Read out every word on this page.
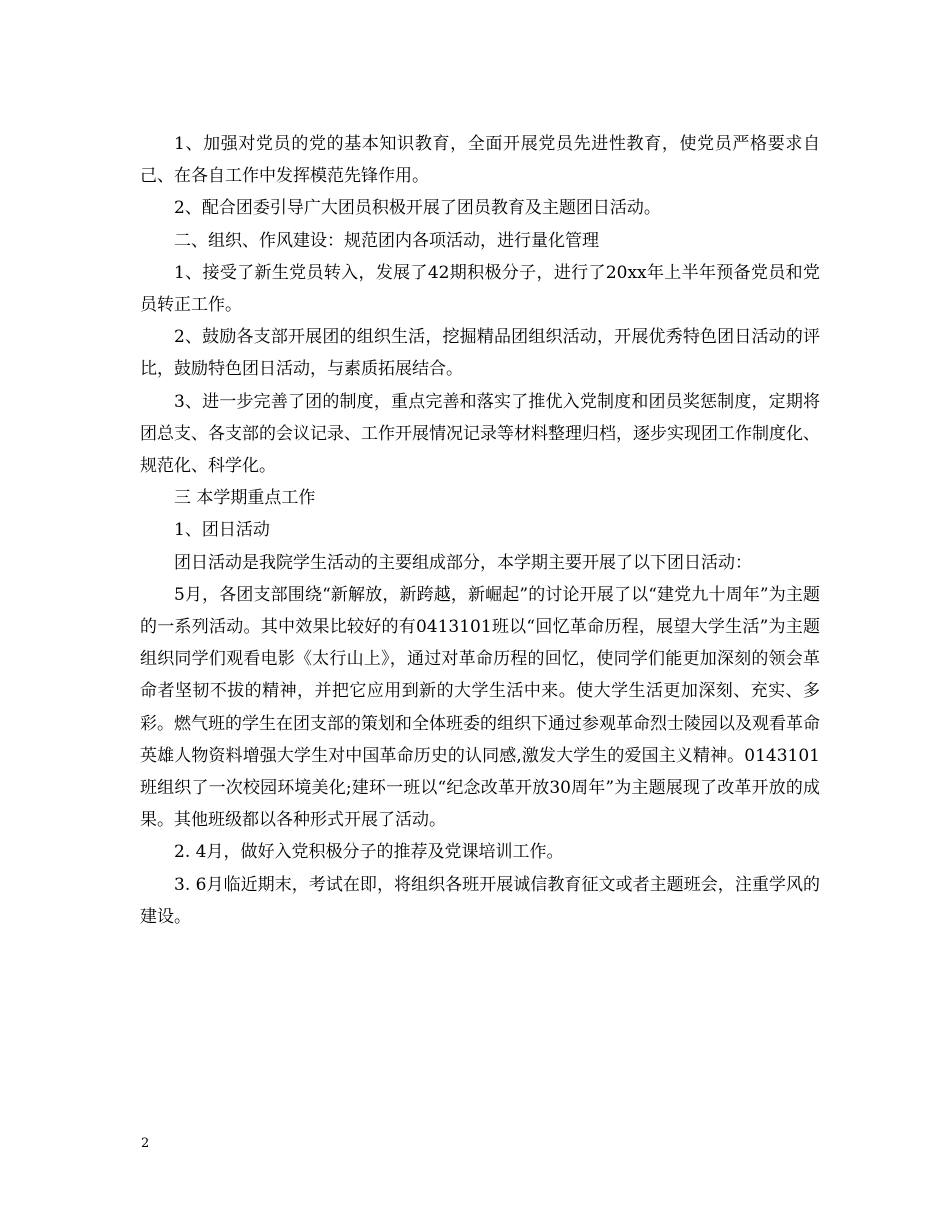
1、加强对党员的党的基本知识教育，全面开展党员先进性教育，使党员严格要求自己、在各自工作中发挥模范先锋作用。

2、配合团委引导广大团员积极开展了团员教育及主题团日活动。

二、组织、作风建设：规范团内各项活动，进行量化管理

1、接受了新生党员转入，发展了42期积极分子，进行了20xx年上半年预备党员和党员转正工作。

2、鼓励各支部开展团的组织生活，挖掘精品团组织活动，开展优秀特色团日活动的评比，鼓励特色团日活动，与素质拓展结合。

3、进一步完善了团的制度，重点完善和落实了推优入党制度和团员奖惩制度，定期将团总支、各支部的会议记录、工作开展情况记录等材料整理归档，逐步实现团工作制度化、规范化、科学化。

三 本学期重点工作

1、团日活动

团日活动是我院学生活动的主要组成部分，本学期主要开展了以下团日活动：

5月，各团支部围绕“新解放，新跨越，新崛起”的讨论开展了以“建党九十周年”为主题的一系列活动。其中效果比较好的有0413101班以“回忆革命历程，展望大学生活”为主题组织同学们观看电影《太行山上》，通过对革命历程的回忆，使同学们能更加深刻的领会革命者坚韧不拔的精神，并把它应用到新的大学生活中来。使大学生活更加深刻、充实、多彩。燃气班的学生在团支部的策划和全体班委的组织下通过参观革命烈士陵园以及观看革命英雄人物资料增强大学生对中国革命历史的认同感,激发大学生的爱国主义精神。0143101班组织了一次校园环境美化;建环一班以“纪念改革开放30周年”为主题展现了改革开放的成果。其他班级都以各种形式开展了活动。

2. 4月，做好入党积极分子的推荐及党课培训工作。

3. 6月临近期末，考试在即，将组织各班开展诚信教育征文或者主题班会，注重学风的建设。

2
